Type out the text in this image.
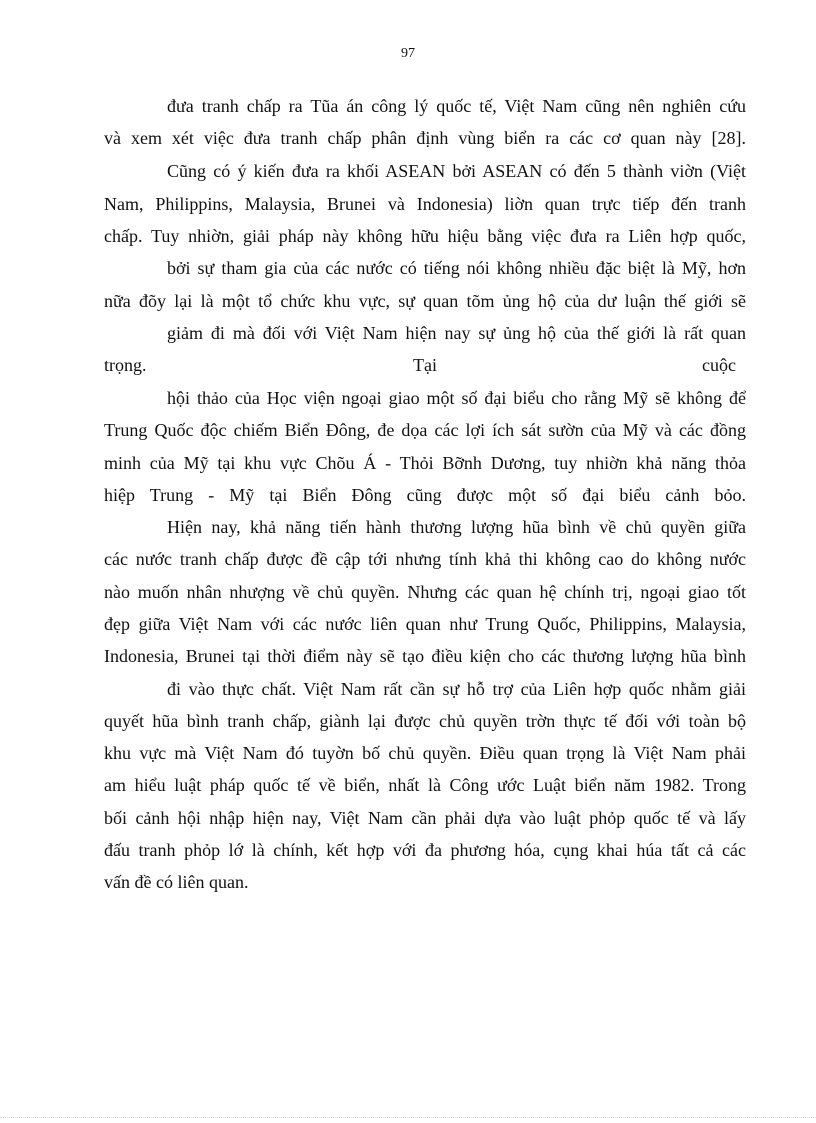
97
đưa tranh chấp ra Tũa án công lý quốc tế, Việt Nam cũng nên nghiên cứu
và xem xét việc đưa tranh chấp phân định vùng biển ra các cơ quan này [28].
Cũng có ý kiến đưa ra khối ASEAN bởi ASEAN có đến 5 thành viờn (Việt
Nam, Philippins, Malaysia, Brunei và Indonesia) liờn quan trực tiếp đến tranh
chấp. Tuy nhiờn, giải pháp này không hữu hiệu bằng việc đưa ra Liên hợp quốc,
bởi sự tham gia của các nước có tiếng nói không nhiều đặc biệt là Mỹ, hơn
nữa đõy lại là một tổ chức khu vực, sự quan tõm ủng hộ của dư luận thế giới sẽ
giảm đi mà đối với Việt Nam hiện nay sự ủng hộ của thế giới là rất quan
trọng.	Tại	cuộc
hội thảo của Học viện ngoại giao một số đại biểu cho rằng Mỹ sẽ không để
Trung Quốc độc chiếm Biển Đông, đe dọa các lợi ích sát sườn của Mỹ và các đồng
minh của Mỹ tại khu vực Chõu Á - Thỏi Bỡnh Dương, tuy nhiờn khả năng thỏa
hiệp Trung - Mỹ tại Biển Đông cũng được một số đại biểu cảnh bỏo.
Hiện nay, khả năng tiến hành thương lượng hũa bình về chủ quyền giữa
các nước tranh chấp được đề cập tới nhưng tính khả thi không cao do không nước
nào muốn nhân nhượng về chủ quyền. Nhưng các quan hệ chính trị, ngoại giao tốt
đẹp giữa Việt Nam với các nước liên quan như Trung Quốc, Philippins, Malaysia,
Indonesia, Brunei tại thời điểm này sẽ tạo điều kiện cho các thương lượng hũa bình
đi vào thực chất. Việt Nam rất cần sự hỗ trợ của Liên hợp quốc nhằm giải
quyết hũa bình tranh chấp, giành lại được chủ quyền trờn thực tế đối với toàn bộ
khu vực mà Việt Nam đó tuyờn bố chủ quyền. Điều quan trọng là Việt Nam phải
am hiểu luật pháp quốc tế về biển, nhất là Công ước Luật biển năm 1982. Trong
bối cảnh hội nhập hiện nay, Việt Nam cần phải dựa vào luật phỏp quốc tế và lấy
đấu tranh phỏp lớ là chính, kết hợp với đa phương hóa, cụng khai húa tất cả các
vấn đề có liên quan.
